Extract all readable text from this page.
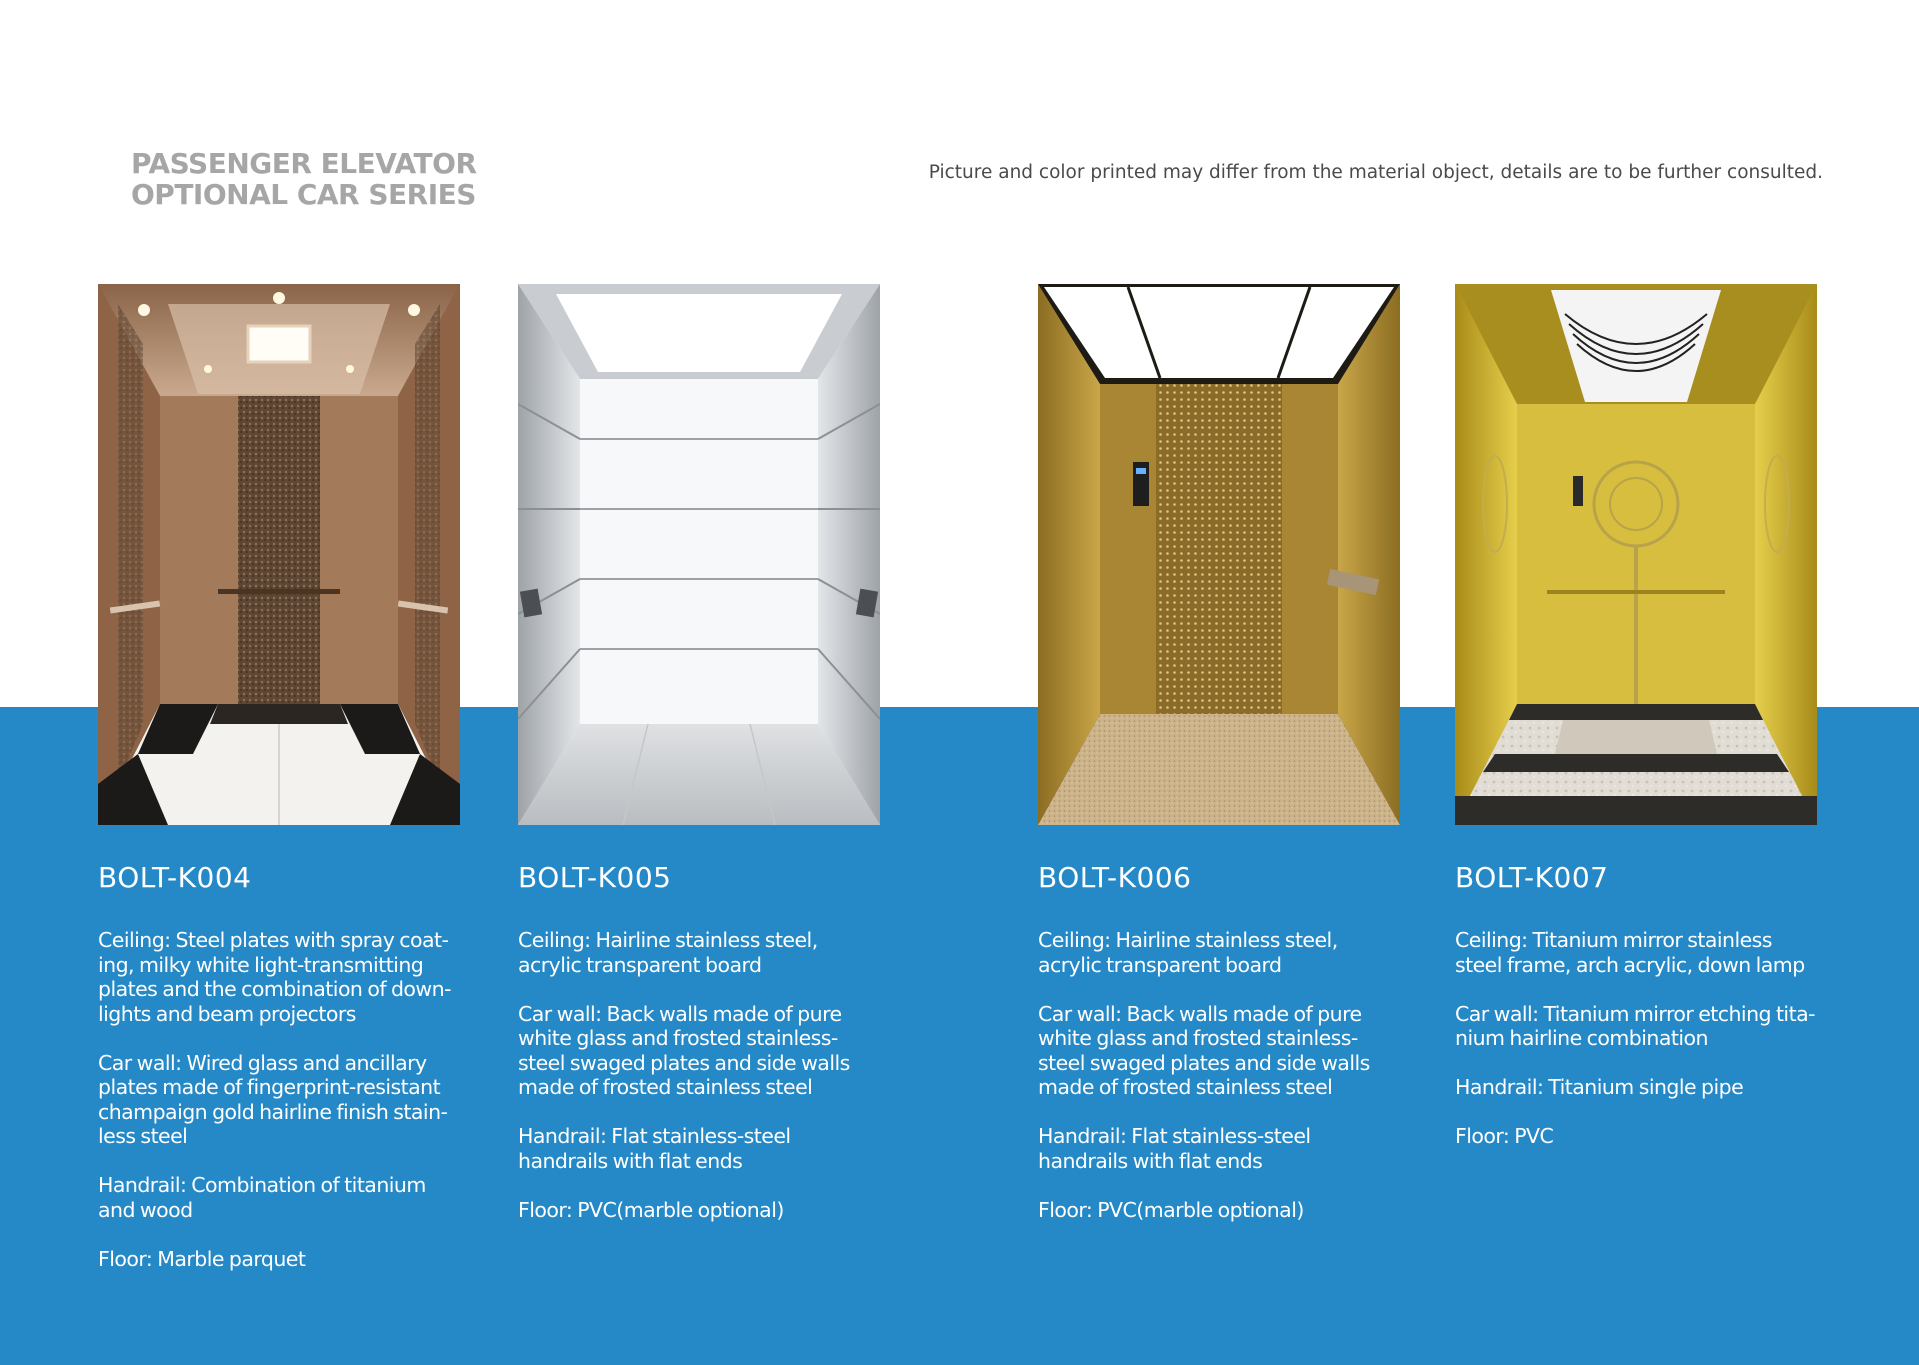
PASSENGER ELEVATOR
OPTIONAL CAR SERIES

Picture and color printed may differ from the material object, details are to be further consulted.

BOLT-K004

Ceiling: Steel plates with spray coat-ing, milky white light-transmitting plates and the combination of down-lights and beam projectors

Car wall: Wired glass and ancillary plates made of fingerprint-resistant champaign gold hairline finish stain-less steel

Handrail: Combination of titanium and wood

Floor: Marble parquet

BOLT-K005

Ceiling: Hairline stainless steel, acrylic transparent board

Car wall: Back walls made of pure white glass and frosted stainless-steel swaged plates and side walls made of frosted stainless steel

Handrail: Flat stainless-steel handrails with flat ends

Floor: PVC(marble optional)

BOLT-K006

Ceiling: Hairline stainless steel, acrylic transparent board

Car wall: Back walls made of pure white glass and frosted stainless-steel swaged plates and side walls made of frosted stainless steel

Handrail: Flat stainless-steel handrails with flat ends

Floor: PVC(marble optional)

BOLT-K007

Ceiling: Titanium mirror stainless steel frame, arch acrylic, down lamp

Car wall: Titanium mirror etching tita-nium hairline combination

Handrail: Titanium single pipe

Floor: PVC
